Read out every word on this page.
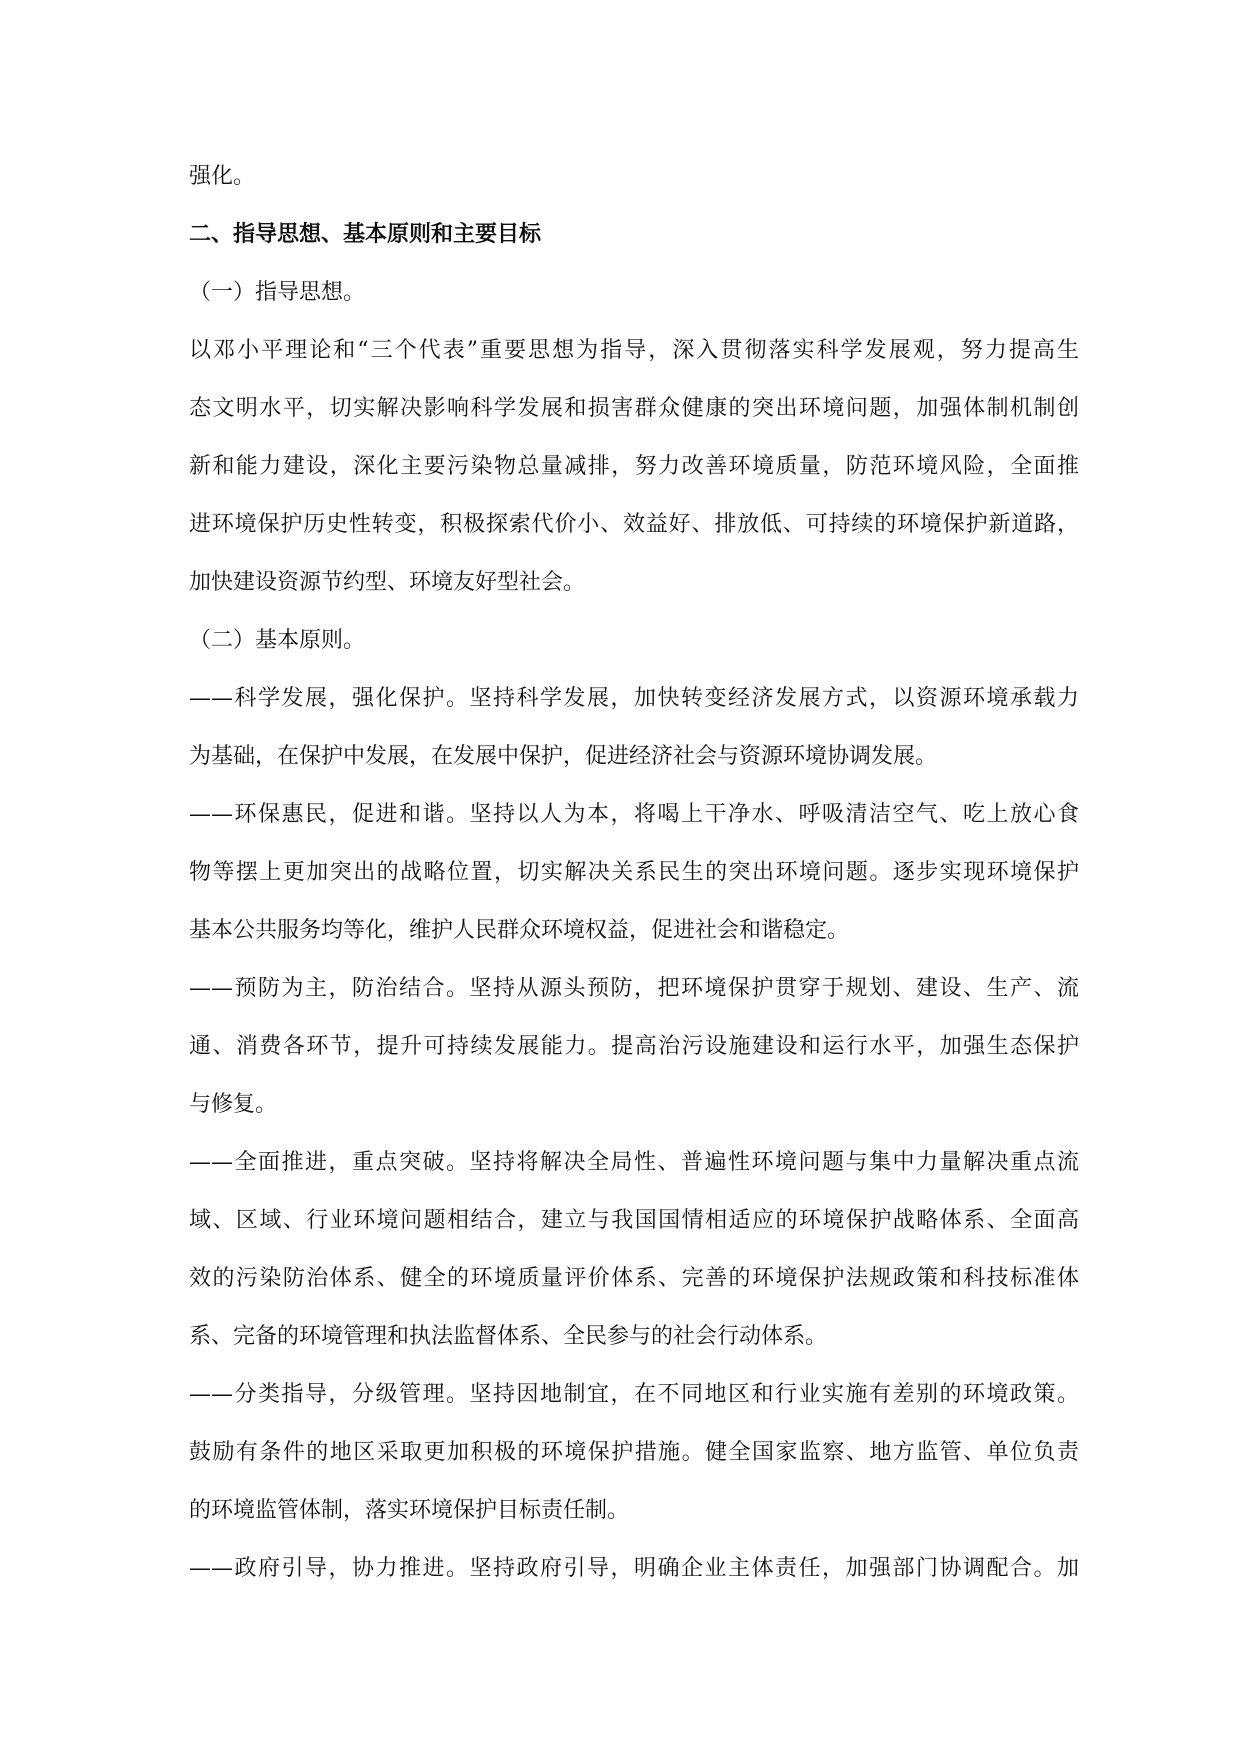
强化。
二、指导思想、基本原则和主要目标
（一）指导思想。
以邓小平理论和“三个代表”重要思想为指导，深入贯彻落实科学发展观，努力提高生
态文明水平，切实解决影响科学发展和损害群众健康的突出环境问题，加强体制机制创
新和能力建设，深化主要污染物总量减排，努力改善环境质量，防范环境风险，全面推
进环境保护历史性转变，积极探索代价小、效益好、排放低、可持续的环境保护新道路，
加快建设资源节约型、环境友好型社会。
（二）基本原则。
——科学发展，强化保护。坚持科学发展，加快转变经济发展方式，以资源环境承载力
为基础，在保护中发展，在发展中保护，促进经济社会与资源环境协调发展。
——环保惠民，促进和谐。坚持以人为本，将喝上干净水、呼吸清洁空气、吃上放心食
物等摆上更加突出的战略位置，切实解决关系民生的突出环境问题。逐步实现环境保护
基本公共服务均等化，维护人民群众环境权益，促进社会和谐稳定。
——预防为主，防治结合。坚持从源头预防，把环境保护贯穿于规划、建设、生产、流
通、消费各环节，提升可持续发展能力。提高治污设施建设和运行水平，加强生态保护
与修复。
——全面推进，重点突破。坚持将解决全局性、普遍性环境问题与集中力量解决重点流
域、区域、行业环境问题相结合，建立与我国国情相适应的环境保护战略体系、全面高
效的污染防治体系、健全的环境质量评价体系、完善的环境保护法规政策和科技标准体
系、完备的环境管理和执法监督体系、全民参与的社会行动体系。
——分类指导，分级管理。坚持因地制宜，在不同地区和行业实施有差别的环境政策。
鼓励有条件的地区采取更加积极的环境保护措施。健全国家监察、地方监管、单位负责
的环境监管体制，落实环境保护目标责任制。
——政府引导，协力推进。坚持政府引导，明确企业主体责任，加强部门协调配合。加
